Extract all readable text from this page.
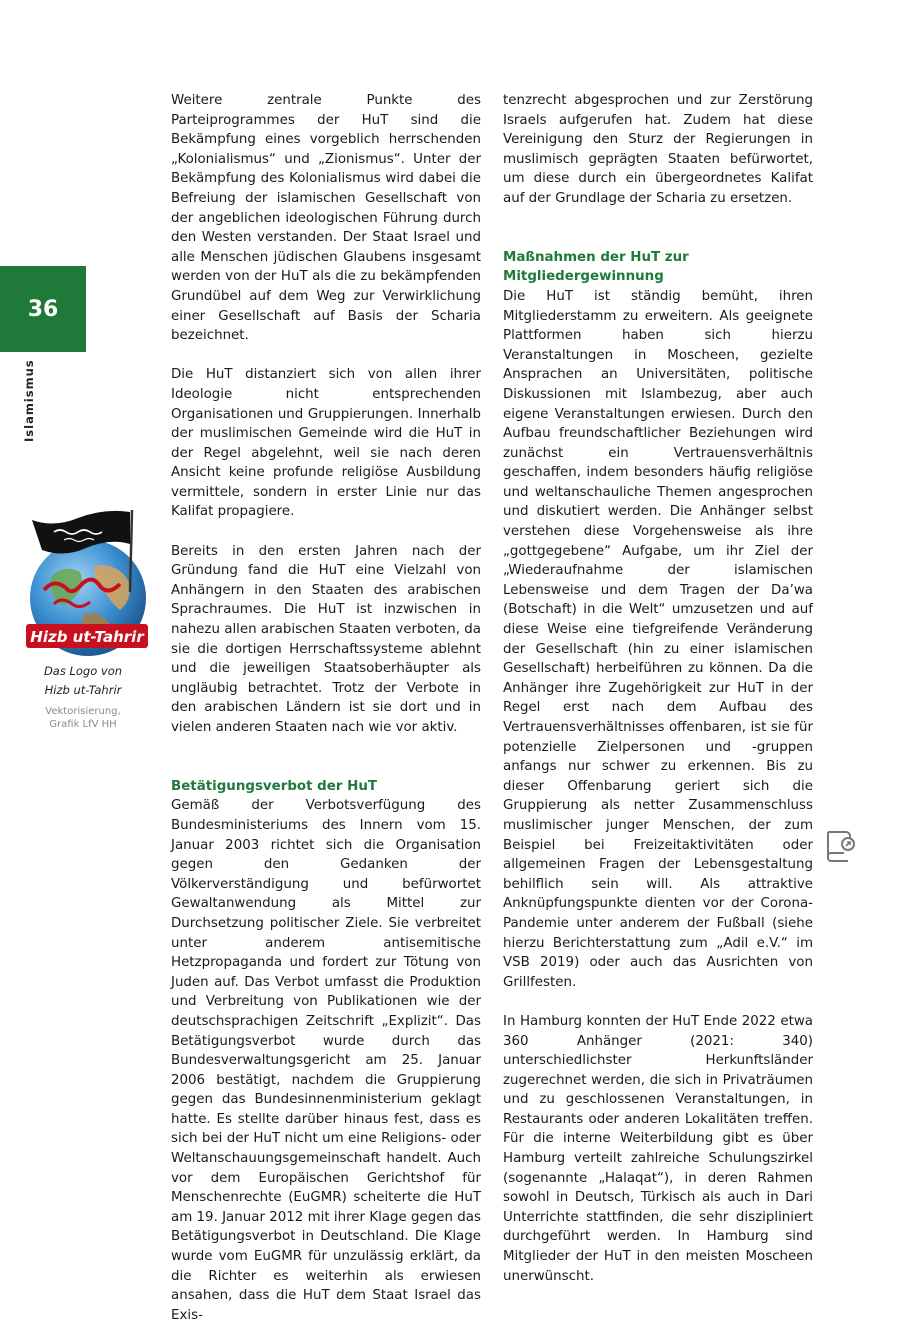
36
Islamismus
Hizb ut-Tahrir
Das Logo von
Hizb ut-Tahrir
Vektorisierung,
Grafik LfV HH

Weitere zentrale Punkte des Parteiprogrammes der HuT sind die Bekämpfung eines vorgeblich herrschenden „Kolonialismus“ und „Zionismus“. Unter der Bekämpfung des Kolonialismus wird dabei die Befreiung der islamischen Gesellschaft von der angeblichen ideologischen Führung durch den Westen verstanden. Der Staat Israel und alle Menschen jüdischen Glaubens insgesamt werden von der HuT als die zu bekämpfenden Grundübel auf dem Weg zur Verwirklichung einer Gesellschaft auf Basis der Scharia bezeichnet.

Die HuT distanziert sich von allen ihrer Ideologie nicht entsprechenden Organisationen und Gruppierungen. Innerhalb der muslimischen Gemeinde wird die HuT in der Regel abgelehnt, weil sie nach deren Ansicht keine profunde religiöse Ausbildung vermittele, sondern in erster Linie nur das Kalifat propagiere.

Bereits in den ersten Jahren nach der Gründung fand die HuT eine Vielzahl von Anhängern in den Staaten des arabischen Sprachraumes. Die HuT ist inzwischen in nahezu allen arabischen Staaten verboten, da sie die dortigen Herrschaftssysteme ablehnt und die jeweiligen Staatsoberhäupter als ungläubig betrachtet. Trotz der Verbote in den arabischen Ländern ist sie dort und in vielen anderen Staaten nach wie vor aktiv.

Betätigungsverbot der HuT

Gemäß der Verbotsverfügung des Bundesministeriums des Innern vom 15. Januar 2003 richtet sich die Organisation gegen den Gedanken der Völkerverständigung und befürwortet Gewaltanwendung als Mittel zur Durchsetzung politischer Ziele. Sie verbreitet unter anderem antisemitische Hetzpropaganda und fordert zur Tötung von Juden auf. Das Verbot umfasst die Produktion und Verbreitung von Publikationen wie der deutschsprachigen Zeitschrift „Explizit“. Das Betätigungsverbot wurde durch das Bundesverwaltungsgericht am 25. Januar 2006 bestätigt, nachdem die Gruppierung gegen das Bundesinnenministerium geklagt hatte. Es stellte darüber hinaus fest, dass es sich bei der HuT nicht um eine Religions- oder Weltanschauungsgemeinschaft handelt. Auch vor dem Europäischen Gerichtshof für Menschenrechte (EuGMR) scheiterte die HuT am 19. Januar 2012 mit ihrer Klage gegen das Betätigungsverbot in Deutschland. Die Klage wurde vom EuGMR für unzulässig erklärt, da die Richter es weiterhin als erwiesen ansahen, dass die HuT dem Staat Israel das Exis-

tenzrecht abgesprochen und zur Zerstörung Israels aufgerufen hat. Zudem hat diese Vereinigung den Sturz der Regierungen in muslimisch geprägten Staaten befürwortet, um diese durch ein übergeordnetes Kalifat auf der Grundlage der Scharia zu ersetzen.

Maßnahmen der HuT zur Mitgliedergewinnung

Die HuT ist ständig bemüht, ihren Mitgliederstamm zu erweitern. Als geeignete Plattformen haben sich hierzu Veranstaltungen in Moscheen, gezielte Ansprachen an Universitäten, politische Diskussionen mit Islambezug, aber auch eigene Veranstaltungen erwiesen. Durch den Aufbau freundschaftlicher Beziehungen wird zunächst ein Vertrauensverhältnis geschaffen, indem besonders häufig religiöse und weltanschauliche Themen angesprochen und diskutiert werden. Die Anhänger selbst verstehen diese Vorgehensweise als ihre „gottgegebene“ Aufgabe, um ihr Ziel der „Wiederaufnahme der islamischen Lebensweise und dem Tragen der Da’wa (Botschaft) in die Welt“ umzusetzen und auf diese Weise eine tiefgreifende Veränderung der Gesellschaft (hin zu einer islamischen Gesellschaft) herbeiführen zu können. Da die Anhänger ihre Zugehörigkeit zur HuT in der Regel erst nach dem Aufbau des Vertrauensverhältnisses offenbaren, ist sie für potenzielle Zielpersonen und -gruppen anfangs nur schwer zu erkennen. Bis zu dieser Offenbarung geriert sich die Gruppierung als netter Zusammenschluss muslimischer junger Menschen, der zum Beispiel bei Freizeitaktivitäten oder allgemeinen Fragen der Lebensgestaltung behilflich sein will. Als attraktive Anknüpfungspunkte dienten vor der Corona-Pandemie unter anderem der Fußball (siehe hierzu Berichterstattung zum „Adil e.V.“ im VSB 2019) oder auch das Ausrichten von Grillfesten.

In Hamburg konnten der HuT Ende 2022 etwa 360 Anhänger (2021: 340) unterschiedlichster Herkunftsländer zugerechnet werden, die sich in Privaträumen und zu geschlossenen Veranstaltungen, in Restaurants oder anderen Lokalitäten treffen. Für die interne Weiterbildung gibt es über Hamburg verteilt zahlreiche Schulungszirkel (sogenannte „Halaqat“), in deren Rahmen sowohl in Deutsch, Türkisch als auch in Dari Unterrichte stattfinden, die sehr diszipliniert durchgeführt werden. In Hamburg sind Mitglieder der HuT in den meisten Moscheen unerwünscht.
